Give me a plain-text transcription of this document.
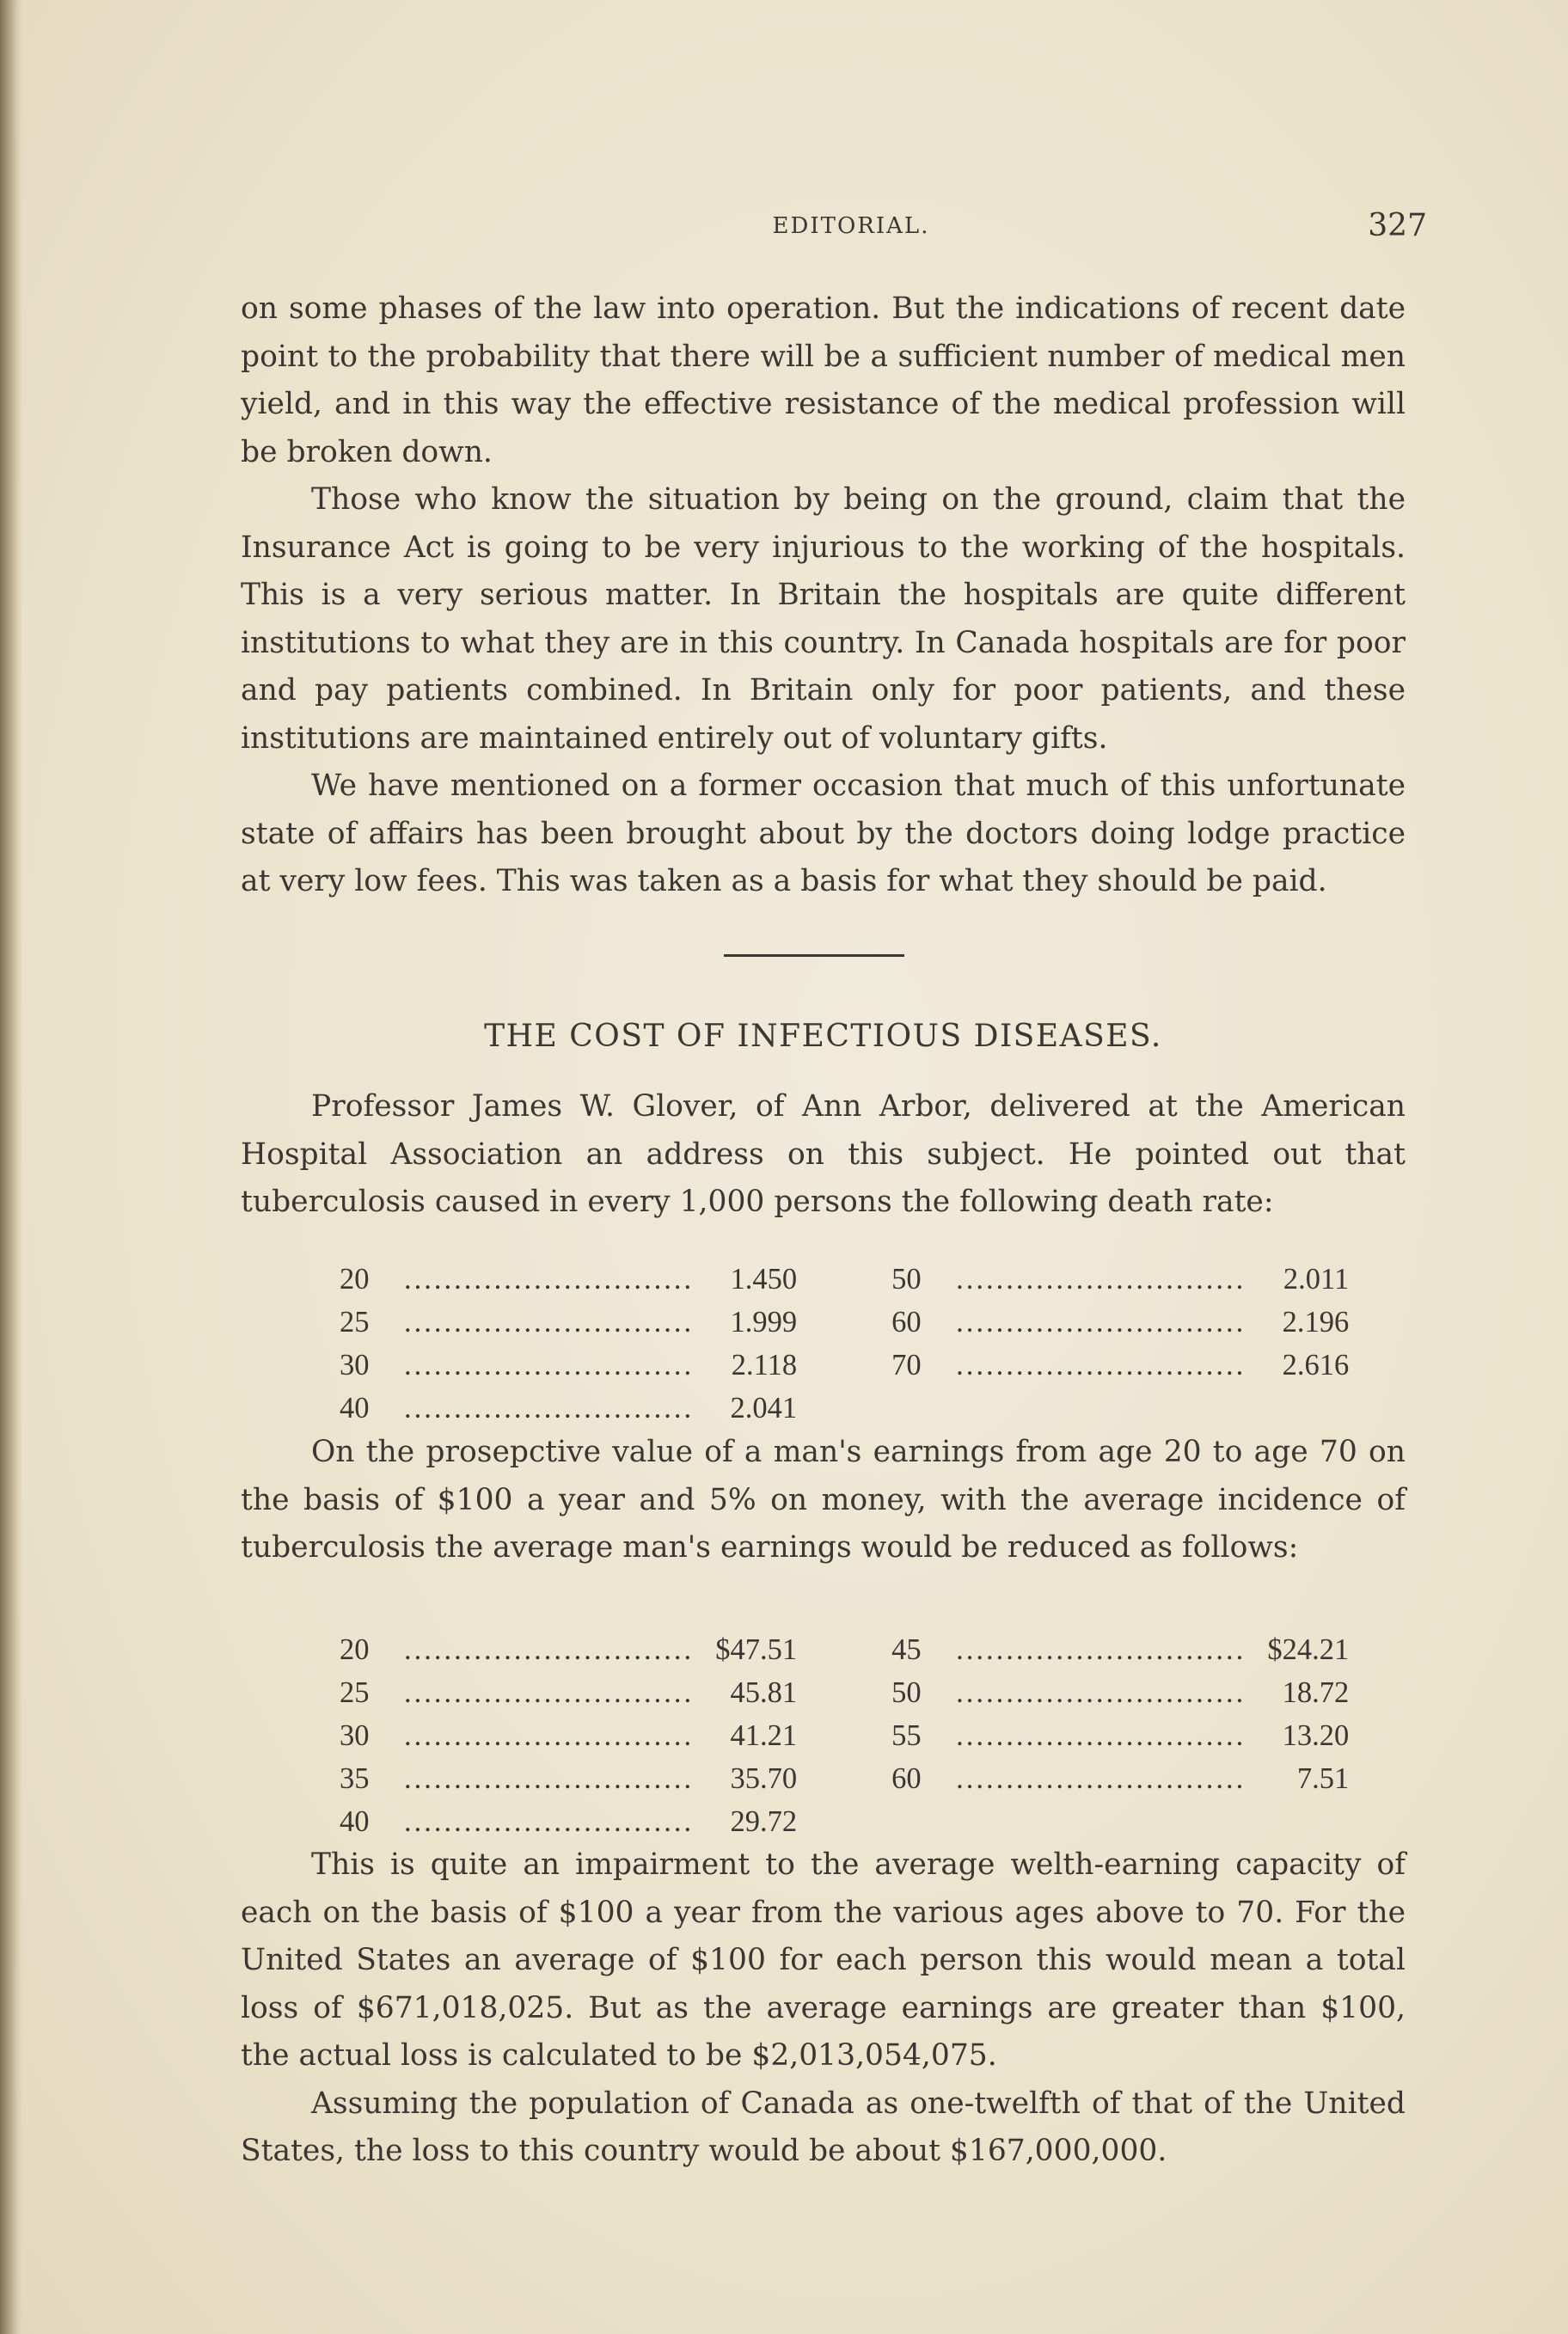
EDITORIAL.	327

on some phases of the law into operation. But the indications of recent date point to the probability that there will be a sufficient number of medical men yield, and in this way the effective resistance of the medical profession will be broken down.

Those who know the situation by being on the ground, claim that the Insurance Act is going to be very injurious to the working of the hospitals. This is a very serious matter. In Britain the hospitals are quite different institutions to what they are in this country. In Canada hospitals are for poor and pay patients combined. In Britain only for poor patients, and these institutions are maintained entirely out of voluntary gifts.

We have mentioned on a former occasion that much of this unfortunate state of affairs has been brought about by the doctors doing lodge practice at very low fees. This was taken as a basis for what they should be paid.

THE COST OF INFECTIOUS DISEASES.

Professor James W. Glover, of Ann Arbor, delivered at the American Hospital Association an address on this subject. He pointed out that tuberculosis caused in every 1,000 persons the following death rate:

20	.............................	1.450		50	.............................	2.011
25	.............................	1.999		60	.............................	2.196
30	.............................	2.118		70	.............................	2.616
40	.............................	2.041				

On the prosepctive value of a man's earnings from age 20 to age 70 on the basis of $100 a year and 5% on money, with the average incidence of tuberculosis the average man's earnings would be reduced as follows:

20	.............................	$47.51		45	.............................	$24.21
25	.............................	45.81		50	.............................	18.72
30	.............................	41.21		55	.............................	13.20
35	.............................	35.70		60	.............................	7.51
40	.............................	29.72				

This is quite an impairment to the average welth-earning capacity of each on the basis of $100 a year from the various ages above to 70. For the United States an average of $100 for each person this would mean a total loss of $671,018,025. But as the average earnings are greater than $100, the actual loss is calculated to be $2,013,054,075.

Assuming the population of Canada as one-twelfth of that of the United States, the loss to this country would be about $167,000,000.
